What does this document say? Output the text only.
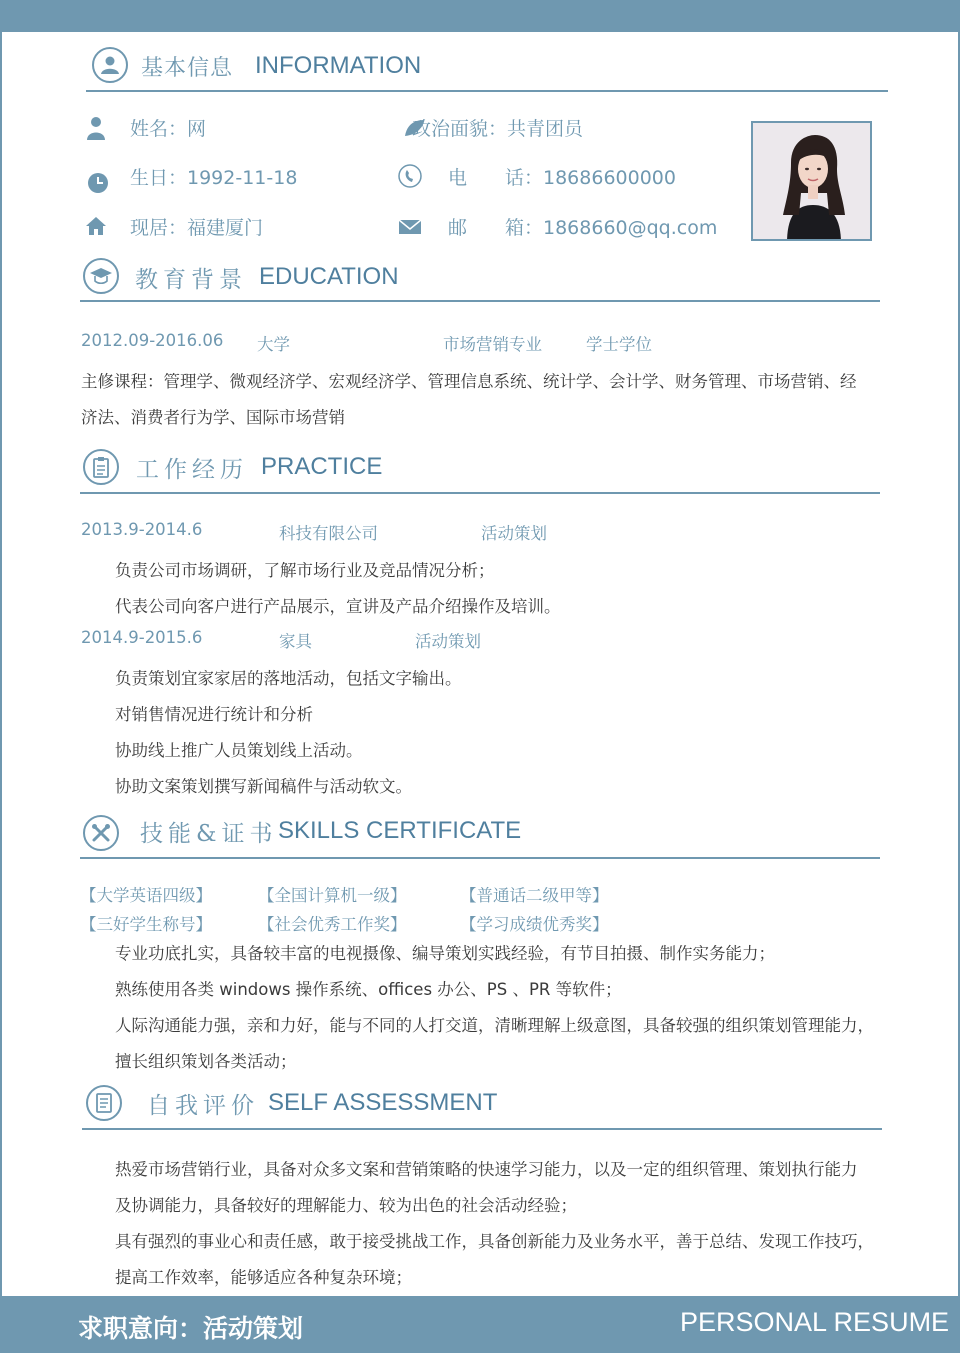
基本信息 INFORMATION
姓名：网	政治面貌：共青团员
生日：1992-11-18	电　　话：18686600000
现居：福建厦门	邮　　箱：1868660@qq.com
教育背景 EDUCATION
2012.09-2016.06 大学	市场营销专业	学士学位
主修课程：管理学、微观经济学、宏观经济学、管理信息系统、统计学、会计学、财务管理、市场营销、经
济法、消费者行为学、国际市场营销
工作经历 PRACTICE
2013.9-2014.6	科技有限公司	活动策划
负责公司市场调研，了解市场行业及竞品情况分析；
代表公司向客户进行产品展示，宣讲及产品介绍操作及培训。
2014.9-2015.6	家具	活动策划
负责策划宜家家居的落地活动，包括文字输出。
对销售情况进行统计和分析
协助线上推广人员策划线上活动。
协助文案策划撰写新闻稿件与活动软文。
技能&证书 SKILLS CERTIFICATE
【大学英语四级】	【全国计算机一级】	【普通话二级甲等】
【三好学生称号】	【社会优秀工作奖】	【学习成绩优秀奖】
专业功底扎实，具备较丰富的电视摄像、编导策划实践经验，有节目拍摄、制作实务能力；
熟练使用各类 windows 操作系统、offices 办公、PS 、PR 等软件；
人际沟通能力强，亲和力好，能与不同的人打交道，清晰理解上级意图，具备较强的组织策划管理能力，
擅长组织策划各类活动；
自我评价 SELF ASSESSMENT
热爱市场营销行业，具备对众多文案和营销策略的快速学习能力，以及一定的组织管理、策划执行能力
及协调能力，具备较好的理解能力、较为出色的社会活动经验；
具有强烈的事业心和责任感，敢于接受挑战工作，具备创新能力及业务水平，善于总结、发现工作技巧，
提高工作效率，能够适应各种复杂环境；
求职意向：活动策划	PERSONAL RESUME
